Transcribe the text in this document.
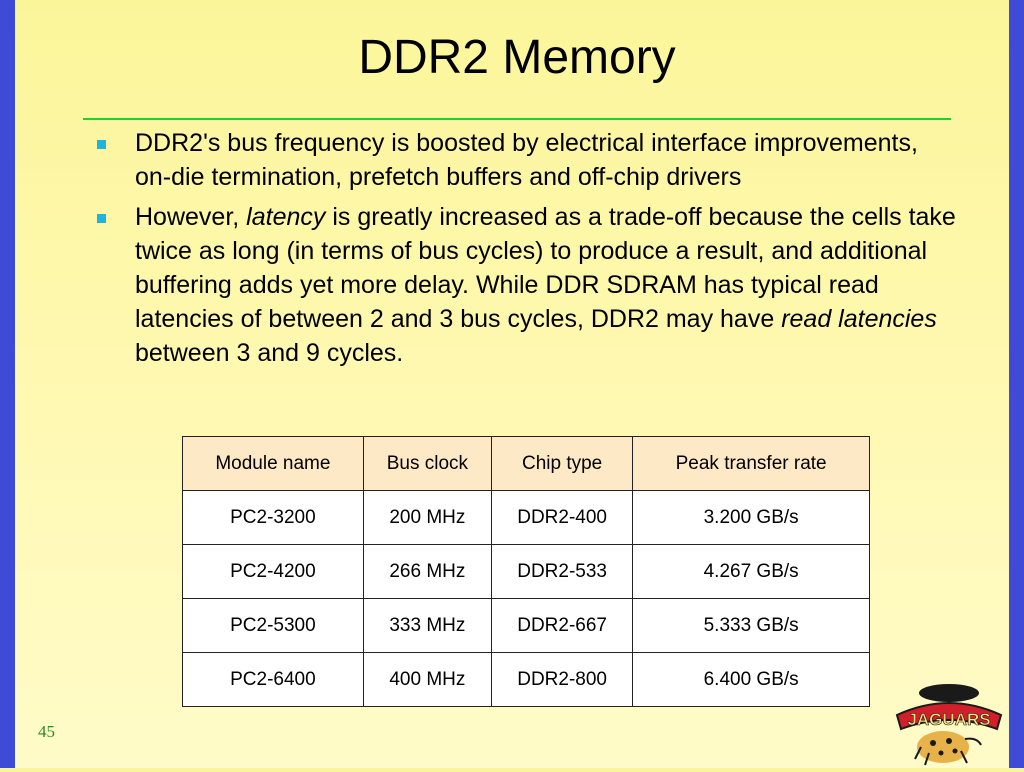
DDR2 Memory
DDR2's bus frequency is boosted by electrical interface improvements, on-die termination, prefetch buffers and off-chip drivers
However, latency is greatly increased as a trade-off because the cells take twice as long (in terms of bus cycles) to produce a result, and additional buffering adds yet more delay. While DDR SDRAM has typical read latencies of between 2 and 3 bus cycles, DDR2 may have read latencies between 3 and 9 cycles.
Module name	Bus clock	Chip type	Peak transfer rate
PC2-3200	200 MHz	DDR2-400	3.200 GB/s
PC2-4200	266 MHz	DDR2-533	4.267 GB/s
PC2-5300	333 MHz	DDR2-667	5.333 GB/s
PC2-6400	400 MHz	DDR2-800	6.400 GB/s
45
JAGUARS
